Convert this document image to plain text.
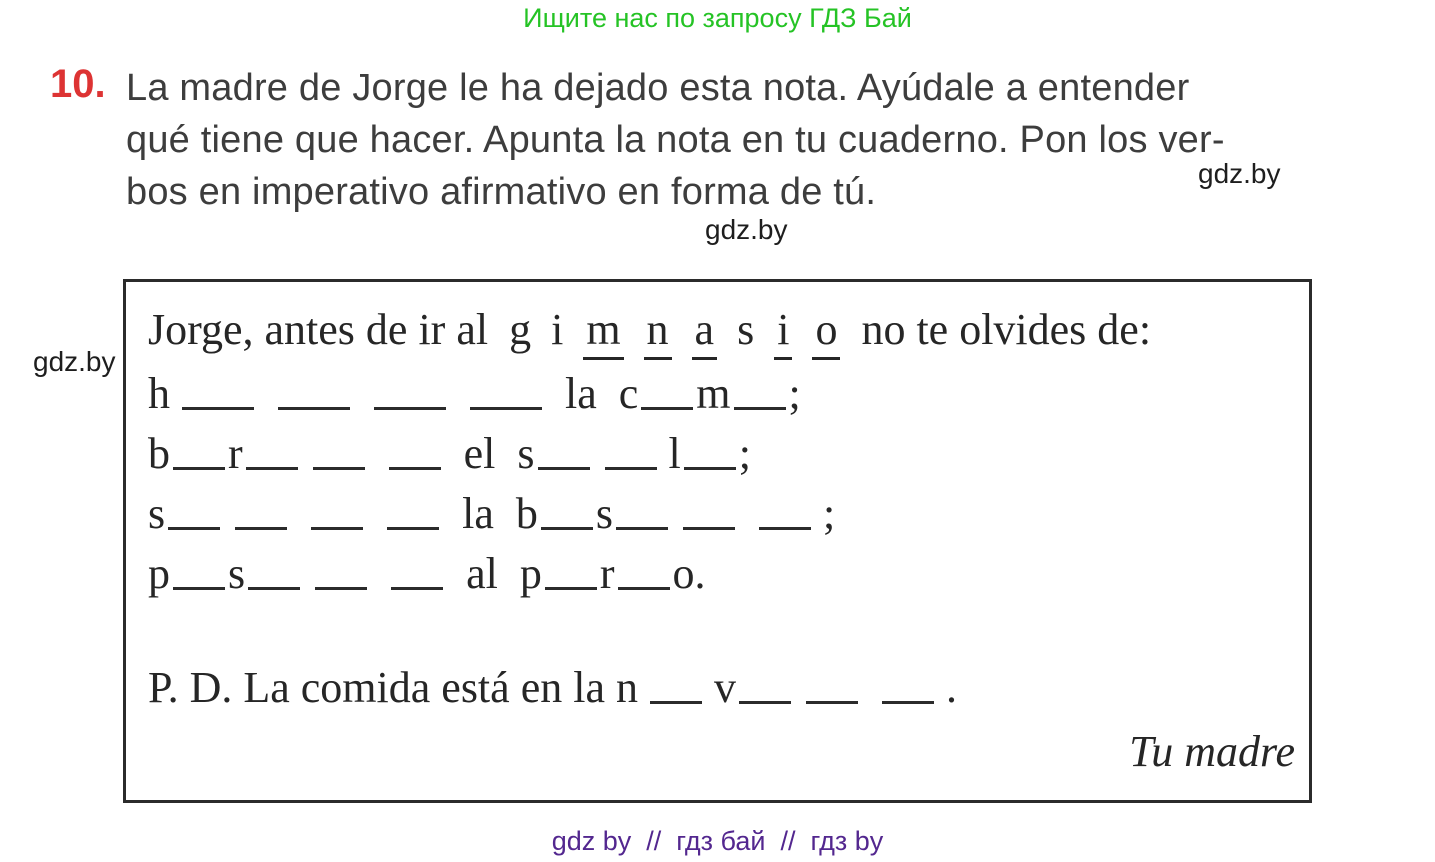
Ищите нас по запросу ГДЗ Бай
10. La madre de Jorge le ha dejado esta nota. Ayúdale a entender
qué tiene que hacer. Apunta la nota en tu cuaderno. Pon los ver-
bos en imperativo afirmativo en forma de tú.	gdz.by
gdz.by
gdz.by
Jorge, antes de ir al g i m n a s i o no te olvides de:
h	la  c m ;
b r	el  s	l ;
s	la  b s	;
p s	al  p r o.
P. D. La comida está en la n v	.
Tu madre
gdz by  //  гдз бай  //  гдз by
